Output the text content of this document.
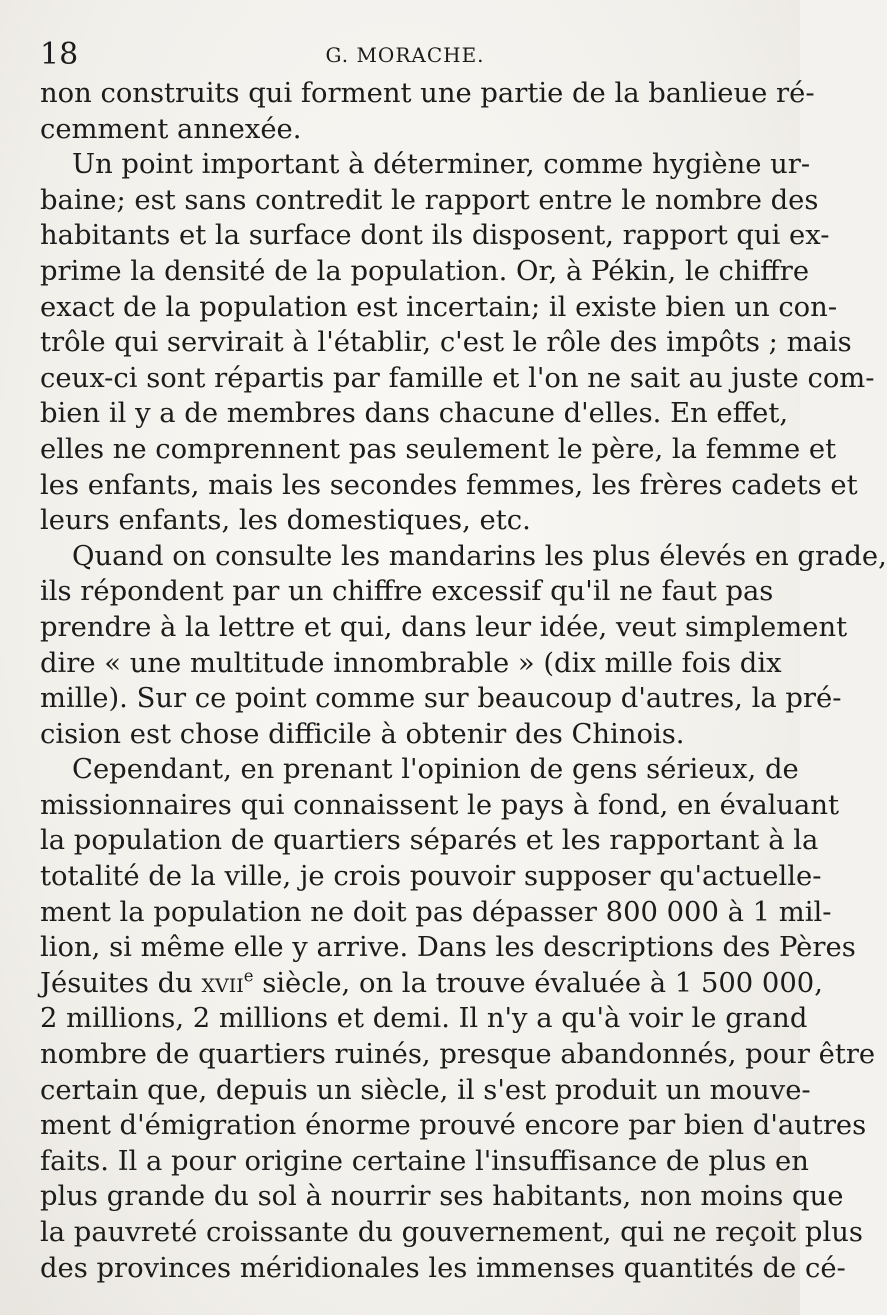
18	G. MORACHE.
non construits qui forment une partie de la banlieue ré-
cemment annexée.
Un point important à déterminer, comme hygiène ur-
baine; est sans contredit le rapport entre le nombre des
habitants et la surface dont ils disposent, rapport qui ex-
prime la densité de la population. Or, à Pékin, le chiffre
exact de la population est incertain; il existe bien un con-
trôle qui servirait à l'établir, c'est le rôle des impôts ; mais
ceux-ci sont répartis par famille et l'on ne sait au juste com-
bien il y a de membres dans chacune d'elles. En effet,
elles ne comprennent pas seulement le père, la femme et
les enfants, mais les secondes femmes, les frères cadets et
leurs enfants, les domestiques, etc.
Quand on consulte les mandarins les plus élevés en grade,
ils répondent par un chiffre excessif qu'il ne faut pas
prendre à la lettre et qui, dans leur idée, veut simplement
dire « une multitude innombrable » (dix mille fois dix
mille). Sur ce point comme sur beaucoup d'autres, la pré-
cision est chose difficile à obtenir des Chinois.
Cependant, en prenant l'opinion de gens sérieux, de
missionnaires qui connaissent le pays à fond, en évaluant
la population de quartiers séparés et les rapportant à la
totalité de la ville, je crois pouvoir supposer qu'actuelle-
ment la population ne doit pas dépasser 800 000 à 1 mil-
lion, si même elle y arrive. Dans les descriptions des Pères
Jésuites du xvii$^e$ siècle, on la trouve évaluée à 1 500 000,
2 millions, 2 millions et demi. Il n'y a qu'à voir le grand
nombre de quartiers ruinés, presque abandonnés, pour être
certain que, depuis un siècle, il s'est produit un mouve-
ment d'émigration énorme prouvé encore par bien d'autres
faits. Il a pour origine certaine l'insuffisance de plus en
plus grande du sol à nourrir ses habitants, non moins que
la pauvreté croissante du gouvernement, qui ne reçoit plus
des provinces méridionales les immenses quantités de cé-
